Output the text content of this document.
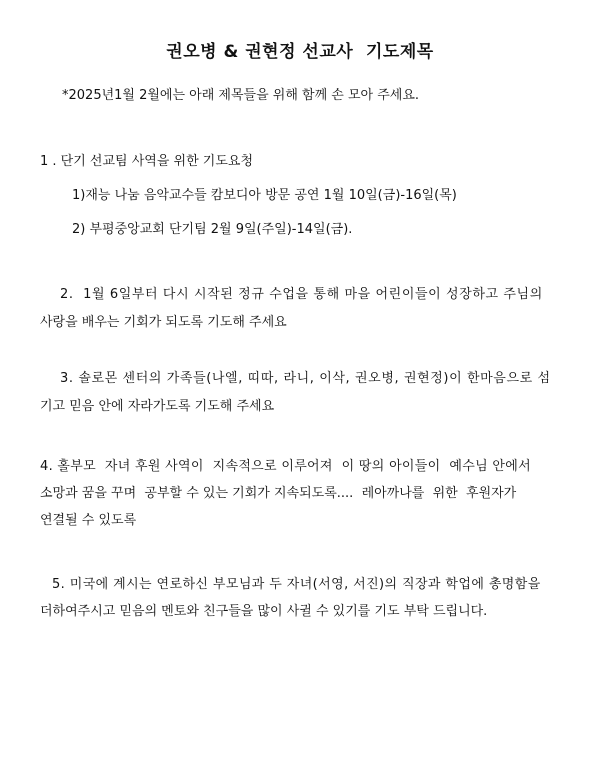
권오병 & 권현정 선교사  기도제목
*2025년1월 2월에는 아래 제목들을 위해 함께 손 모아 주세요.
1 . 단기 선교팀 사역을 위한 기도요청
1)재능 나눔 음악교수들 캄보디아 방문 공연 1월 10일(금)-16일(목)
2) 부평중앙교회 단기팀 2월 9일(주일)-14일(금).
2.  1월 6일부터 다시 시작된 정규 수업을 통해 마을 어린이들이 성장하고 주님의
사랑을 배우는 기회가 되도록 기도해 주세요
3. 솔로몬 센터의 가족들(나엘, 띠따, 라니, 이삭, 권오병, 권현정)이 한마음으로 섬
기고 믿음 안에 자라가도록 기도해 주세요
4. 홀부모  자녀 후원 사역이  지속적으로 이루어져  이 땅의 아이들이  예수님 안에서
소망과 꿈을 꾸며  공부할 수 있는 기회가 지속되도록....  레아까나를  위한  후원자가
연결될 수 있도록
5. 미국에 계시는 연로하신 부모님과 두 자녀(서영, 서진)의 직장과 학업에 총명함을
더하여주시고 믿음의 멘토와 친구들을 많이 사귈 수 있기를 기도 부탁 드립니다.
